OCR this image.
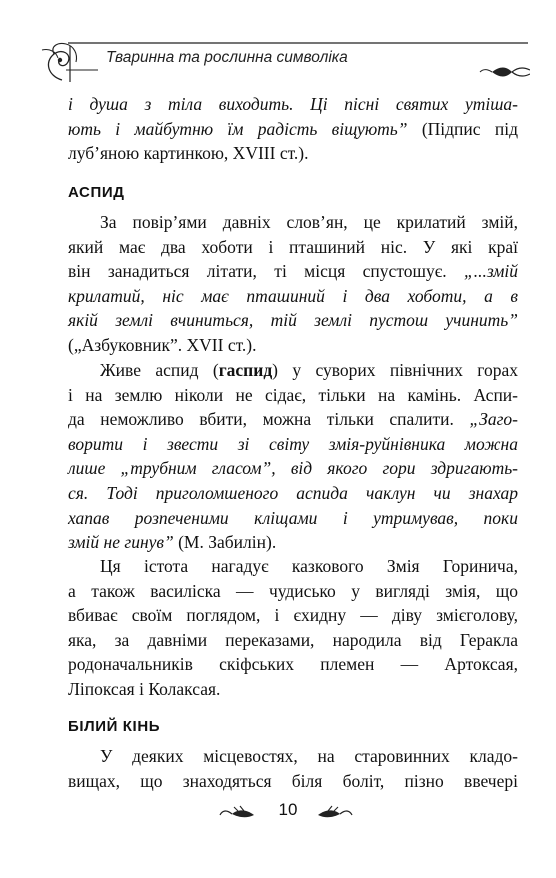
Тваринна та рослинна символіка
і душа з тіла виходить. Ці пісні святих утіша-
ють і майбутню їм радість віщують” (Підпис під
луб’яною картинкою, XVIII ст.).
АСПИД
За повір’ями давніх слов’ян, це крилатий змій,
який має два хоботи і пташиний ніс. У які краї
він занадиться літати, ті місця спустошує. „...змій
крилатий, ніс має пташиний і два хоботи, а в
якій землі вчиниться, тій землі пустош учинить”
(„Азбуковник”. XVII ст.).
Живе аспид (гаспид) у суворих північних горах
і на землю ніколи не сідає, тільки на камінь. Аспи-
да неможливо вбити, можна тільки спалити. „Заго-
ворити і звести зі світу змія-руйнівника можна
лише „трубним гласом”, від якого гори здригають-
ся. Тоді приголомшеного аспида чаклун чи знахар
хапав розпеченими кліщами і утримував, поки
змій не гинув” (М. Забилін).
Ця істота нагадує казкового Змія Горинича,
а також василіска — чудисько у вигляді змія, що
вбиває своїм поглядом, і єхидну — діву змієголову,
яка, за давніми переказами, народила від Геракла
родоначальників скіфських племен — Артоксая,
Ліпоксая і Колаксая.
БІЛИЙ КІНЬ
У деяких місцевостях, на старовинних кладо-
вищах, що знаходяться біля боліт, пізно ввечері
10
